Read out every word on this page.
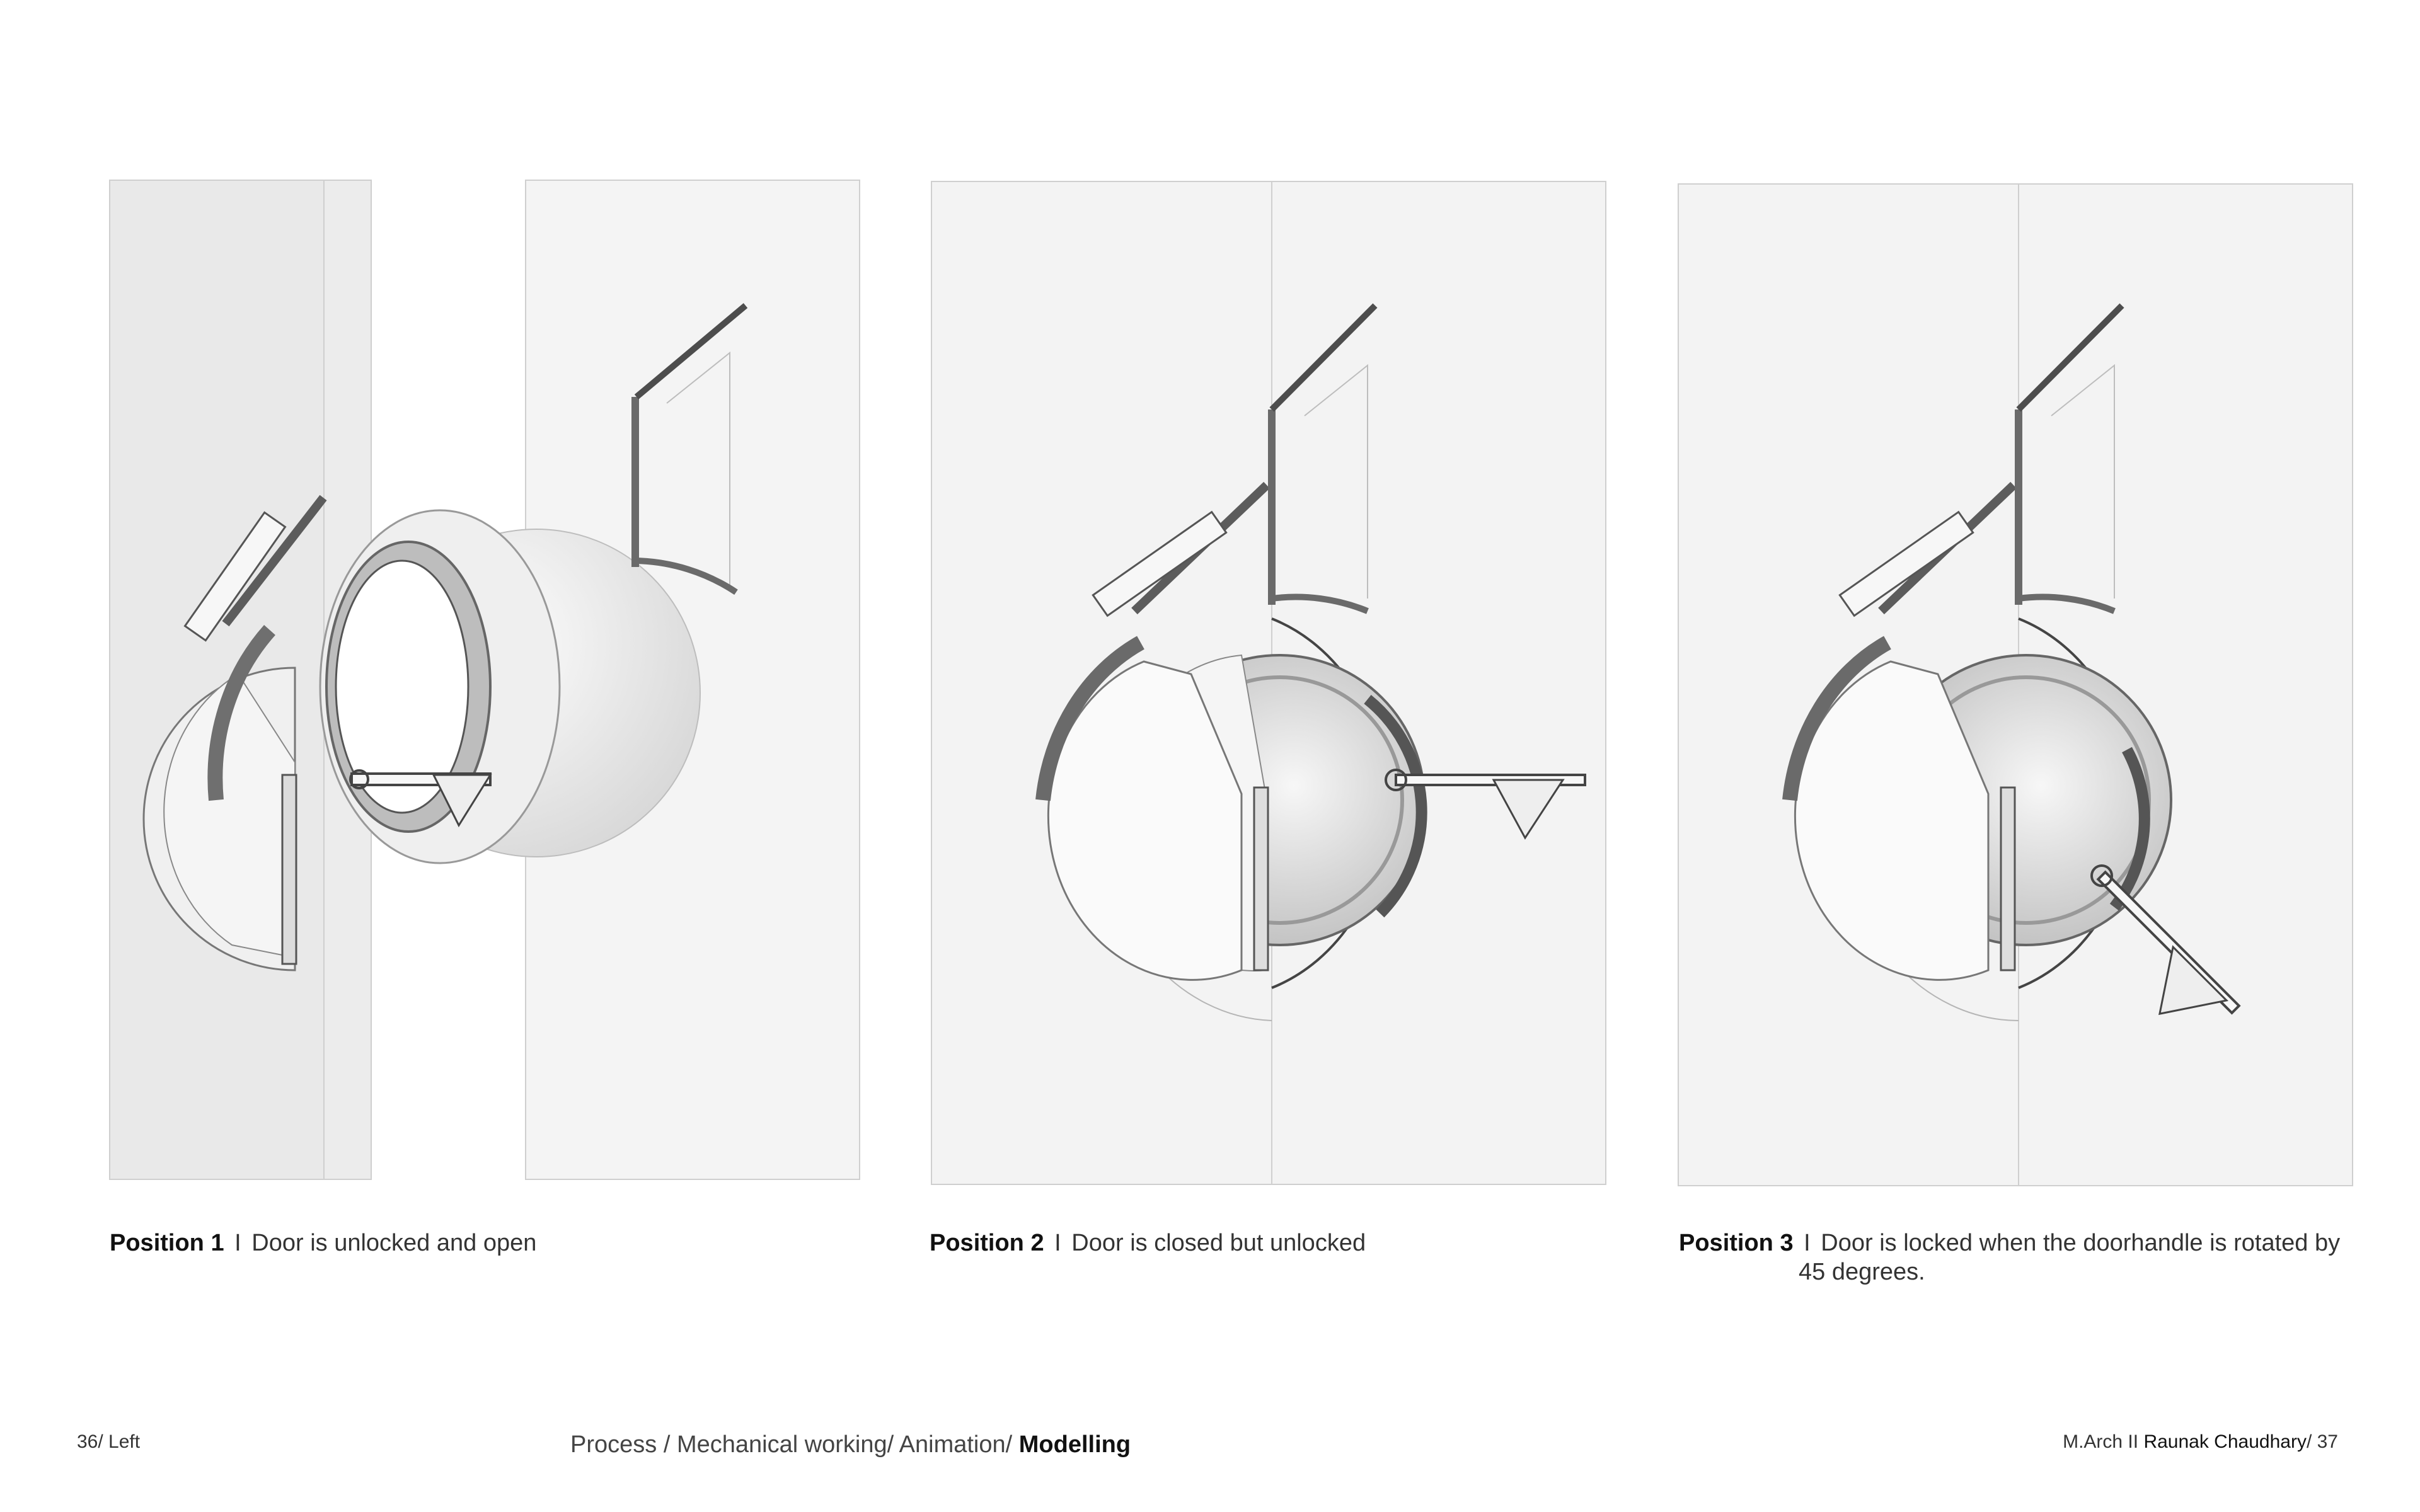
Position 1 I Door is unlocked and open	Position 2 I Door is closed but unlocked	Position 3 I Door is locked when the doorhandle is rotated by
45 degrees.
36/ Left	Process / Mechanical working/ Animation/ Modelling	M.Arch II Raunak Chaudhary/ 37
